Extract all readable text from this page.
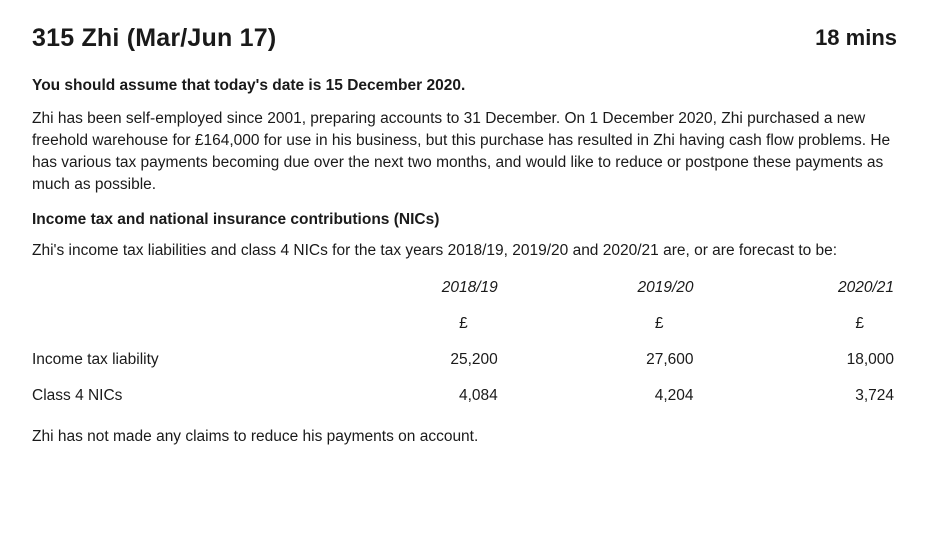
315 Zhi (Mar/Jun 17)	18 mins

You should assume that today's date is 15 December 2020.

Zhi has been self-employed since 2001, preparing accounts to 31 December. On 1 December 2020, Zhi purchased a new freehold warehouse for £164,000 for use in his business, but this purchase has resulted in Zhi having cash flow problems. He has various tax payments becoming due over the next two months, and would like to reduce or postpone these payments as much as possible.

Income tax and national insurance contributions (NICs)

Zhi's income tax liabilities and class 4 NICs for the tax years 2018/19, 2019/20 and 2020/21 are, or are forecast to be:

	2018/19	2019/20	2020/21
	£	£	£
Income tax liability	25,200	27,600	18,000
Class 4 NICs	4,084	4,204	3,724

Zhi has not made any claims to reduce his payments on account.
